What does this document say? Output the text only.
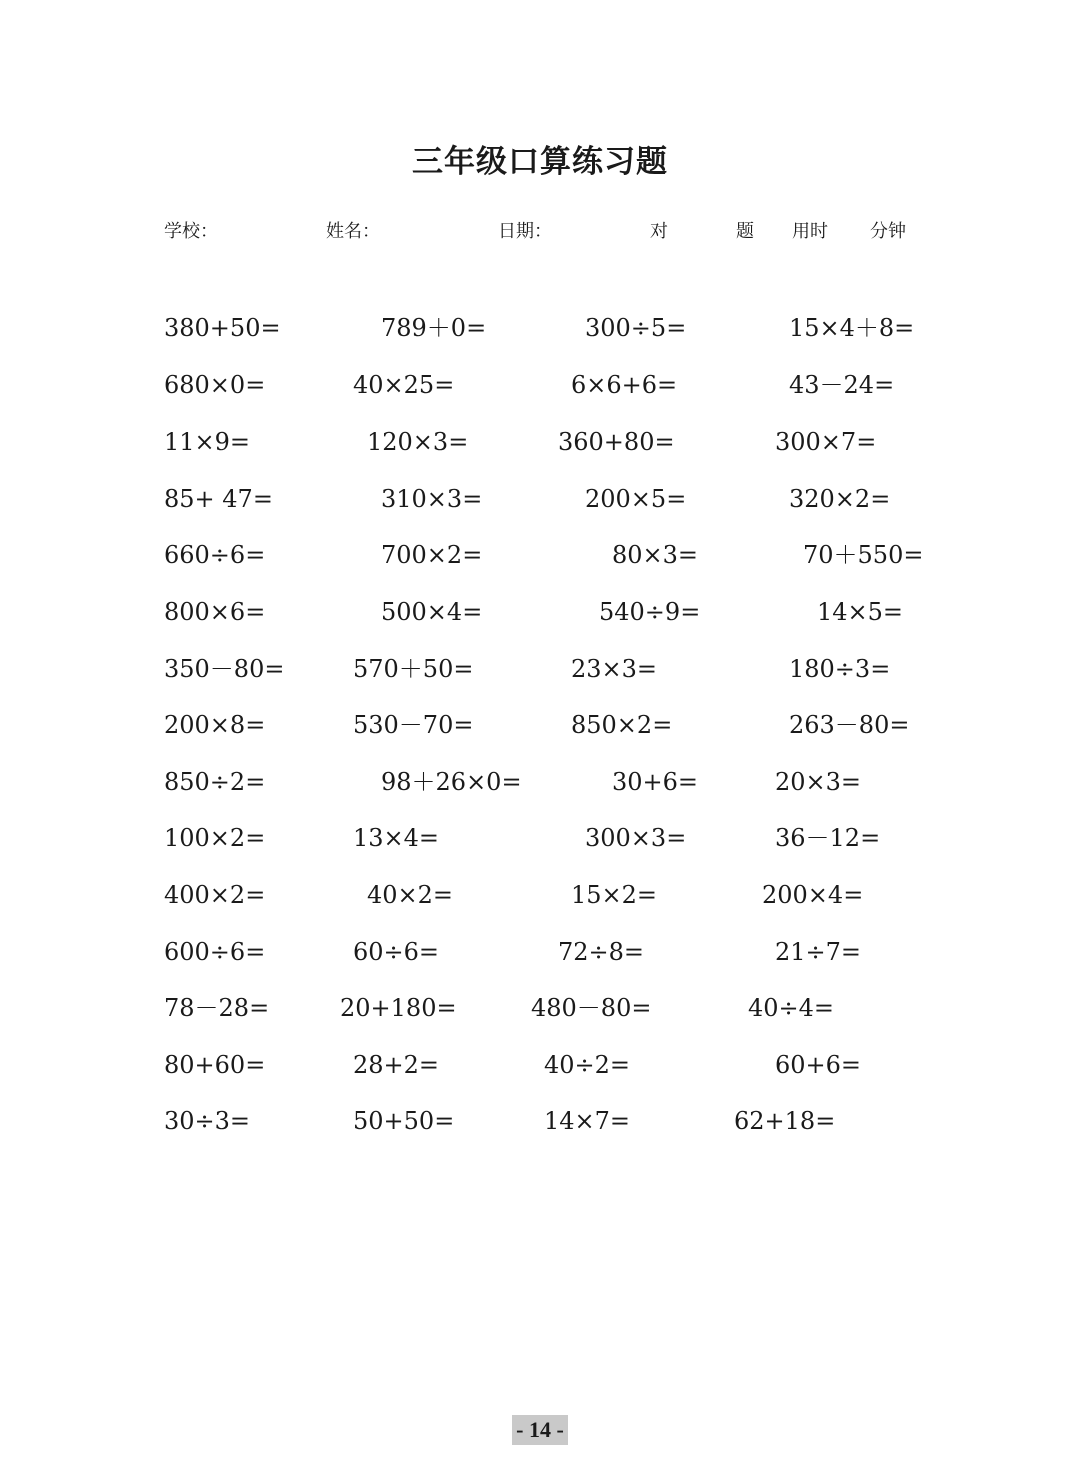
三年级口算练习题
学校：	姓名：	日期：	对	题 用时 分钟
380+50=	789＋0=	300÷5=	15×4＋8=
680×0=	40×25=	6×6+6=	43－24=
11×9=	120×3=	360+80=	300×7=
85+ 47=	310×3=	200×5=	320×2=
660÷6=	700×2=	80×3=	70＋550=
800×6=	500×4=	540÷9=	14×5=
350－80=	570＋50=	23×3=	180÷3=
200×8=	530－70=	850×2=	263－80=
850÷2=	98＋26×0=	30+6=	20×3=
100×2=	13×4=	300×3=	36－12=
400×2=	40×2=	15×2=	200×4=
600÷6=	60÷6=	72÷8=	21÷7=
78－28=	20+180=	480－80=	40÷4=
80+60=	28+2=	40÷2=	60+6=
30÷3=	50+50=	14×7=	62+18=
- 14 -
